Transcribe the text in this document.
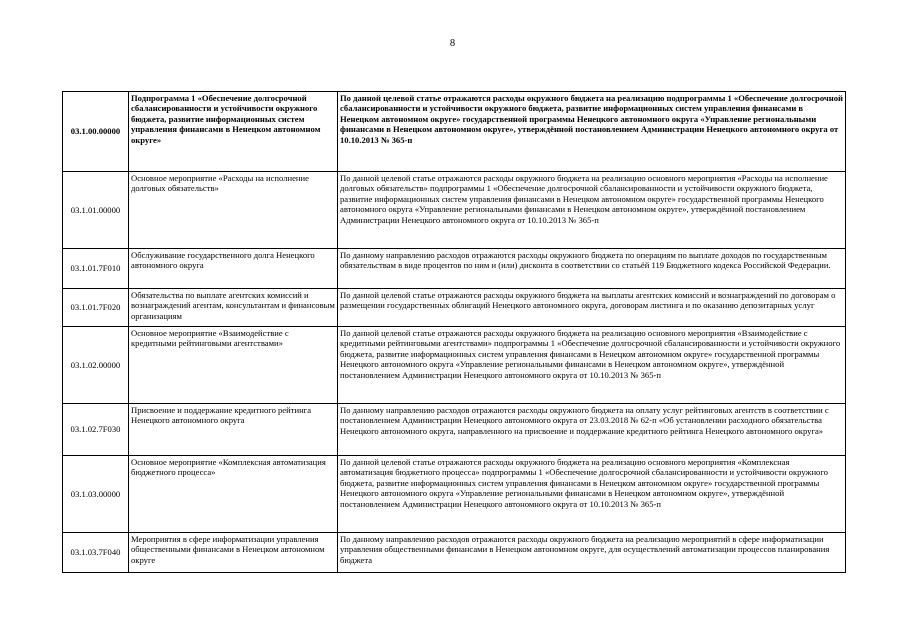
8
03.1.00.00000	Подпрограмма 1 «Обеспечение долгосрочной сбалансированности и устойчивости окружного бюджета, развитие информационных систем управления финансами в Ненецком автономном округе»	По данной целевой статье отражаются расходы окружного бюджета на реализацию подпрограммы 1 «Обеспечение долгосрочной сбалансированности и устойчивости окружного бюджета, развитие информационных систем управления финансами в Ненецком автономном округе» государственной программы Ненецкого автономного округа «Управление региональными финансами в Ненецком автономном округе», утверждённой постановлением Администрации Ненецкого автономного округа от 10.10.2013 № 365-п
03.1.01.00000	Основное мероприятие «Расходы на исполнение долговых обязательств»	По данной целевой статье отражаются расходы окружного бюджета на реализацию основного мероприятия «Расходы на исполнение долговых обязательств» подпрограммы 1 «Обеспечение долгосрочной сбалансированности и устойчивости окружного бюджета, развитие информационных систем управления финансами в Ненецком автономном округе» государственной программы Ненецкого автономного округа «Управление региональными финансами в Ненецком автономном округе», утверждённой постановлением Администрации Ненецкого автономного округа от 10.10.2013 № 365-п
03.1.01.7F010	Обслуживание государственного долга Ненецкого автономного округа	По данному направлению расходов отражаются расходы окружного бюджета по операциям по выплате доходов по государственным обязательствам в виде процентов по ним и (или) дисконта в соответствии со статьёй 119 Бюджетного кодекса Российской Федерации.
03.1.01.7F020	Обязательства по выплате агентских комиссий и вознаграждений агентам, консультантам и финансовым организациям	По данной целевой статье отражаются расходы окружного бюджета на выплаты агентских комиссий и вознаграждений по договорам о размещении государственных облигаций Ненецкого автономного округа, договорам листинга и по оказанию депозитарных услуг
03.1.02.00000	Основное мероприятие «Взаимодействие с кредитными рейтинговыми агентствами»	По данной целевой статье отражаются расходы окружного бюджета на реализацию основного мероприятия «Взаимодействие с кредитными рейтинговыми агентствами» подпрограммы 1 «Обеспечение долгосрочной сбалансированности и устойчивости окружного бюджета, развитие информационных систем управления финансами в Ненецком автономном округе» государственной программы Ненецкого автономного округа «Управление региональными финансами в Ненецком автономном округе», утверждённой постановлением Администрации Ненецкого автономного округа от 10.10.2013 № 365-п
03.1.02.7F030	Присвоение и поддержание кредитного рейтинга Ненецкого автономного округа	По данному направлению расходов отражаются расходы окружного бюджета на оплату услуг рейтинговых агентств в соответствии с постановлением Администрации Ненецкого автономного округа от 23.03.2018 № 62-п «Об установлении расходного обязательства Ненецкого автономного округа, направленного на присвоение и поддержание кредитного рейтинга Ненецкого автономного округа»
03.1.03.00000	Основное мероприятие «Комплексная автоматизация бюджетного процесса»	По данной целевой статье отражаются расходы окружного бюджета на реализацию основного мероприятия «Комплексная автоматизация бюджетного процесса» подпрограммы 1 «Обеспечение долгосрочной сбалансированности и устойчивости окружного бюджета, развитие информационных систем управления финансами в Ненецком автономном округе» государственной программы Ненецкого автономного округа «Управление региональными финансами в Ненецком автономном округе», утверждённой постановлением Администрации Ненецкого автономного округа от 10.10.2013 № 365-п
03.1.03.7F040	Мероприятия в сфере информатизации управления общественными финансами в Ненецком автономном округе	По данному направлению расходов отражаются расходы окружного бюджета на реализацию мероприятий в сфере информатизации управления общественными финансами в Ненецком автономном округе, для осуществлений автоматизации процессов планирования бюджета
